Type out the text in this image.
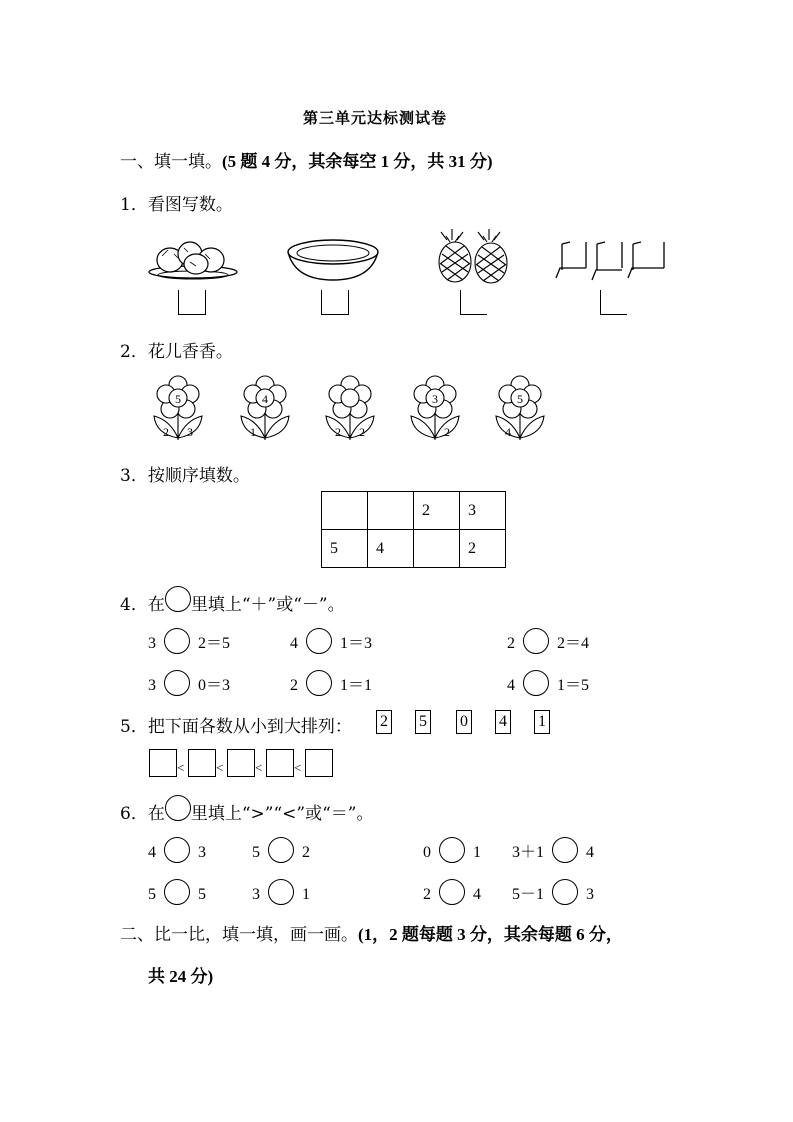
第三单元达标测试卷
一、填一填。(5 题 4 分，其余每空 1 分，共 31 分)
1．看图写数。
2．花儿香香。
5
2 3
4
1	2 2
3
2
5
4
3．按顺序填数。
		2	3
5	4		2
4．在 里填上“＋”或“－”。
3	2＝5	4	1＝3	2	2＝4
3	0＝3	2	1＝1	4	1＝5
5．把下面各数从小到大排列： 2 5 0 4 1
< < < <
6．在 里填上“>”“<”或“＝”。
4	3	5	2	0	1 3＋1	4
5	5	3	1	2	4 5－1	3
二、比一比，填一填，画一画。(1，2 题每题 3 分，其余每题 6 分，
共 24 分)
